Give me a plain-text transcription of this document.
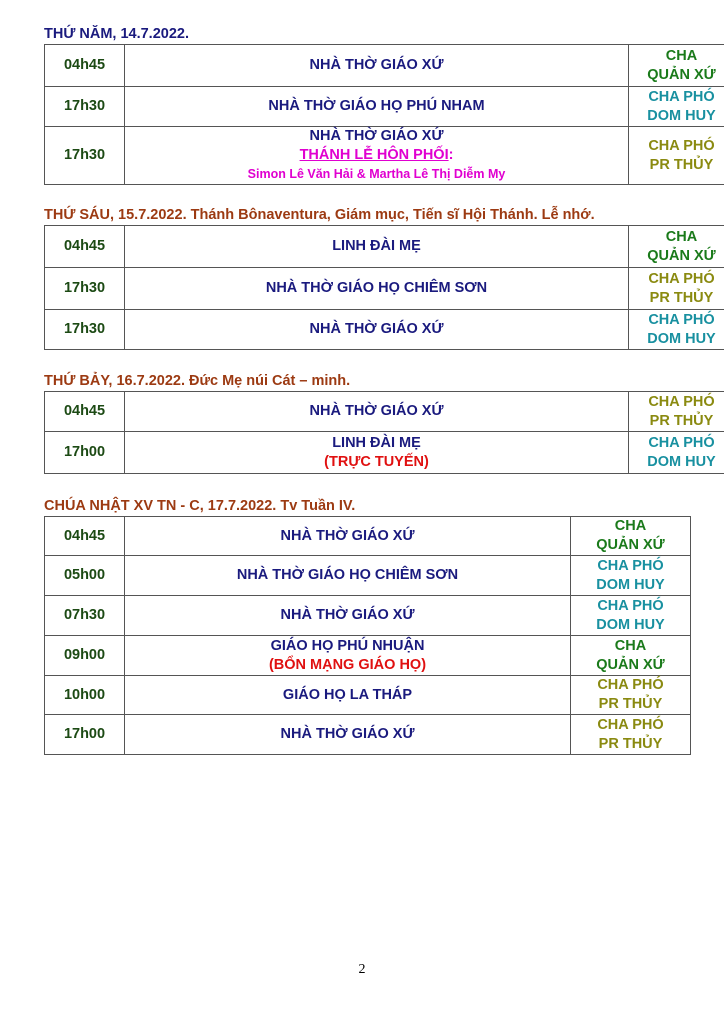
THỨ NĂM, 14.7.2022.
04h45	NHÀ THỜ GIÁO XỨ	CHA
QUẢN XỨ

17h30	NHÀ THỜ GIÁO HỌ PHÚ NHAM	CHA PHÓ
DOM HUY

17h30	NHÀ THỜ GIÁO XỨ
THÁNH LỄ HÔN PHỐI:
Simon Lê Văn Hải & Martha Lê Thị Diễm My	CHA PHÓ
PR THỦY
THỨ SÁU, 15.7.2022. Thánh Bônaventura, Giám mục, Tiến sĩ Hội Thánh. Lễ nhớ.
04h45	LINH ĐÀI MẸ	CHA
QUẢN XỨ

17h30	NHÀ THỜ GIÁO HỌ CHIÊM SƠN	CHA PHÓ
PR THỦY

17h30	NHÀ THỜ GIÁO XỨ	CHA PHÓ
DOM HUY
THỨ BẢY, 16.7.2022. Đức Mẹ núi Cát – minh.
04h45	NHÀ THỜ GIÁO XỨ	CHA PHÓ
PR THỦY

17h00	LINH ĐÀI MẸ
(TRỰC TUYẾN)	CHA PHÓ
DOM HUY
CHÚA NHẬT XV TN - C, 17.7.2022. Tv Tuần IV.
04h45	NHÀ THỜ GIÁO XỨ	CHA
QUẢN XỨ

05h00	NHÀ THỜ GIÁO HỌ CHIÊM SƠN	CHA PHÓ
DOM HUY

07h30	NHÀ THỜ GIÁO XỨ	CHA PHÓ
DOM HUY

09h00	GIÁO HỌ PHÚ NHUẬN
(BỔN MẠNG GIÁO HỌ)	CHA
QUẢN XỨ

10h00	GIÁO HỌ LA THÁP	CHA PHÓ
PR THỦY

17h00	NHÀ THỜ GIÁO XỨ	CHA PHÓ
PR THỦY
2
